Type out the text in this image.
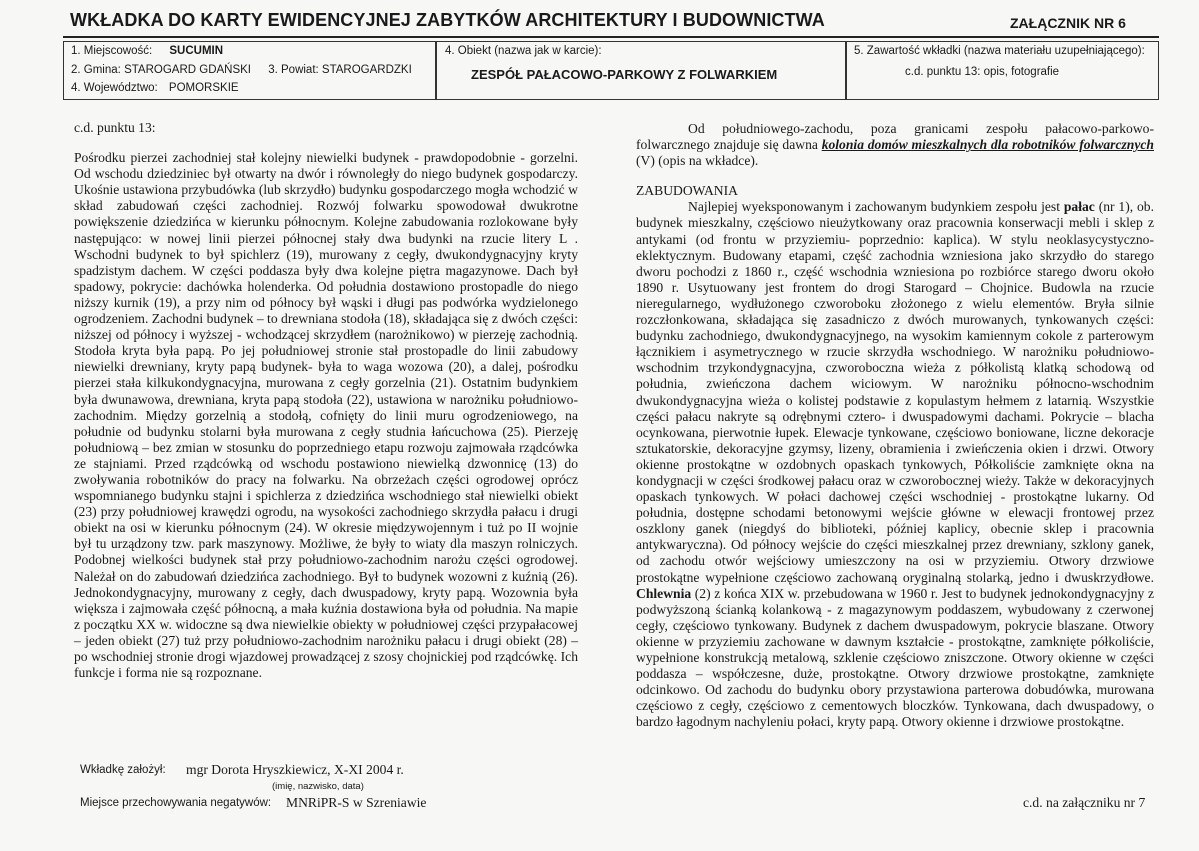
WKŁADKA DO KARTY EWIDENCYJNEJ ZABYTKÓW ARCHITEKTURY I BUDOWNICTWA	ZAŁĄCZNIK NR 6
1. Miejscowość: SUCUMIN
2. Gmina: STAROGARD GDAŃSKI 3. Powiat: STAROGARDZKI
4. Województwo: POMORSKIE
4. Obiekt (nazwa jak w karcie):
ZESPÓŁ PAŁACOWO-PARKOWY Z FOLWARKIEM
5. Zawartość wkładki (nazwa materiału uzupełniającego):
c.d. punktu 13: opis, fotografie

c.d. punktu 13:

Pośrodku pierzei zachodniej stał kolejny niewielki budynek - prawdopodobnie - gorzelni. Od wschodu dziedziniec był otwarty na dwór i równoległy do niego budynek gospodarczy. Ukośnie ustawiona przybudówka (lub skrzydło) budynku gospodarczego mogła wchodzić w skład zabudowań części zachodniej. Rozwój folwarku spowodował dwukrotne powiększenie dziedzińca w kierunku północnym. Kolejne zabudowania rozlokowane były następująco: w nowej linii pierzei północnej stały dwa budynki na rzucie litery L . Wschodni budynek to był spichlerz (19), murowany z cegły, dwukondygnacyjny kryty spadzistym dachem. W części poddasza były dwa kolejne piętra magazynowe. Dach był spadowy, pokrycie: dachówka holenderka. Od południa dostawiono prostopadle do niego niższy kurnik (19), a przy nim od północy był wąski i długi pas podwórka wydzielonego ogrodzeniem. Zachodni budynek – to drewniana stodoła (18), składająca się z dwóch części: niższej od północy i wyższej - wchodzącej skrzydłem (narożnikowo) w pierzeję zachodnią. Stodoła kryta była papą. Po jej południowej stronie stał prostopadle do linii zabudowy niewielki drewniany, kryty papą budynek- była to waga wozowa (20), a dalej, pośrodku pierzei stała kilkukondygnacyjna, murowana z cegły gorzelnia (21). Ostatnim budynkiem była dwunawowa, drewniana, kryta papą stodoła (22), ustawiona w narożniku południowo-zachodnim. Między gorzelnią a stodołą, cofnięty do linii muru ogrodzeniowego, na południe od budynku stolarni była murowana z cegły studnia łańcuchowa (25). Pierzeję południową – bez zmian w stosunku do poprzedniego etapu rozwoju zajmowała rządcówka ze stajniami. Przed rządcówką od wschodu postawiono niewielką dzwonnicę (13) do zwoływania robotników do pracy na folwarku. Na obrzeżach części ogrodowej oprócz wspomnianego budynku stajni i spichlerza z dziedzińca wschodniego stał niewielki obiekt (23) przy południowej krawędzi ogrodu, na wysokości zachodniego skrzydła pałacu i drugi obiekt na osi w kierunku północnym (24). W okresie międzywojennym i tuż po II wojnie był tu urządzony tzw. park maszynowy. Możliwe, że były to wiaty dla maszyn rolniczych. Podobnej wielkości budynek stał przy południowo-zachodnim narożu części ogrodowej. Należał on do zabudowań dziedzińca zachodniego. Był to budynek wozowni z kuźnią (26). Jednokondygnacyjny, murowany z cegły, dach dwuspadowy, kryty papą. Wozownia była większa i zajmowała część północną, a mała kuźnia dostawiona była od południa. Na mapie z początku XX w. widoczne są dwa niewielkie obiekty w południowej części przypałacowej – jeden obiekt (27) tuż przy południowo-zachodnim narożniku pałacu i drugi obiekt (28) – po wschodniej stronie drogi wjazdowej prowadzącej z szosy chojnickiej pod rządcówkę. Ich funkcje i forma nie są rozpoznane.

Od południowego-zachodu, poza granicami zespołu pałacowo-parkowo-folwarcznego znajduje się dawna kolonia domów mieszkalnych dla robotników folwarcznych (V) (opis na wkładce).

ZABUDOWANIA

Najlepiej wyeksponowanym i zachowanym budynkiem zespołu jest pałac (nr 1), ob. budynek mieszkalny, częściowo nieużytkowany oraz pracownia konserwacji mebli i sklep z antykami (od frontu w przyziemiu- poprzednio: kaplica). W stylu neoklasycystyczno-eklektycznym. Budowany etapami, część zachodnia wzniesiona jako skrzydło do starego dworu pochodzi z 1860 r., część wschodnia wzniesiona po rozbiórce starego dworu około 1890 r. Usytuowany jest frontem do drogi Starogard – Chojnice. Budowla na rzucie nieregularnego, wydłużonego czworoboku złożonego z wielu elementów. Bryła silnie rozczłonkowana, składająca się zasadniczo z dwóch murowanych, tynkowanych części: budynku zachodniego, dwukondygnacyjnego, na wysokim kamiennym cokole z parterowym łącznikiem i asymetrycznego w rzucie skrzydła wschodniego. W narożniku południowo-wschodnim trzykondygnacyjna, czworoboczna wieża z półkolistą klatką schodową od południa, zwieńczona dachem wiciowym. W narożniku północno-wschodnim dwukondygnacyjna wieża o kolistej podstawie z kopulastym hełmem z latarnią. Wszystkie części pałacu nakryte są odrębnymi cztero- i dwuspadowymi dachami. Pokrycie – blacha ocynkowana, pierwotnie łupek. Elewacje tynkowane, częściowo boniowane, liczne dekoracje sztukatorskie, dekoracyjne gzymsy, lizeny, obramienia i zwieńczenia okien i drzwi. Otwory okienne prostokątne w ozdobnych opaskach tynkowych, Półkoliście zamknięte okna na kondygnacji w części środkowej pałacu oraz w czworobocznej wieży. Także w dekoracyjnych opaskach tynkowych. W połaci dachowej części wschodniej - prostokątne lukarny. Od południa, dostępne schodami betonowymi wejście główne w elewacji frontowej przez oszklony ganek (niegdyś do biblioteki, później kaplicy, obecnie sklep i pracownia antykwaryczna). Od północy wejście do części mieszkalnej przez drewniany, szklony ganek, od zachodu otwór wejściowy umieszczony na osi w przyziemiu. Otwory drzwiowe prostokątne wypełnione częściowo zachowaną oryginalną stolarką, jedno i dwuskrzydłowe. Chlewnia (2) z końca XIX w. przebudowana w 1960 r. Jest to budynek jednokondygnacyjny z podwyższoną ścianką kolankową - z magazynowym poddaszem, wybudowany z czerwonej cegły, częściowo tynkowany. Budynek z dachem dwuspadowym, pokrycie blaszane. Otwory okienne w przyziemiu zachowane w dawnym kształcie - prostokątne, zamknięte półkoliście, wypełnione konstrukcją metalową, szklenie częściowo zniszczone. Otwory okienne w części poddasza – współczesne, duże, prostokątne. Otwory drzwiowe prostokątne, zamknięte odcinkowo. Od zachodu do budynku obory przystawiona parterowa dobudówka, murowana częściowo z cegły, częściowo z cementowych bloczków. Tynkowana, dach dwuspadowy, o bardzo łagodnym nachyleniu połaci, kryty papą. Otwory okienne i drzwiowe prostokątne.

Wkładkę założył: mgr Dorota Hryszkiewicz, X-XI 2004 r.
(imię, nazwisko, data)
Miejsce przechowywania negatywów: MNRiPR-S w Szreniawie	c.d. na załączniku nr 7
